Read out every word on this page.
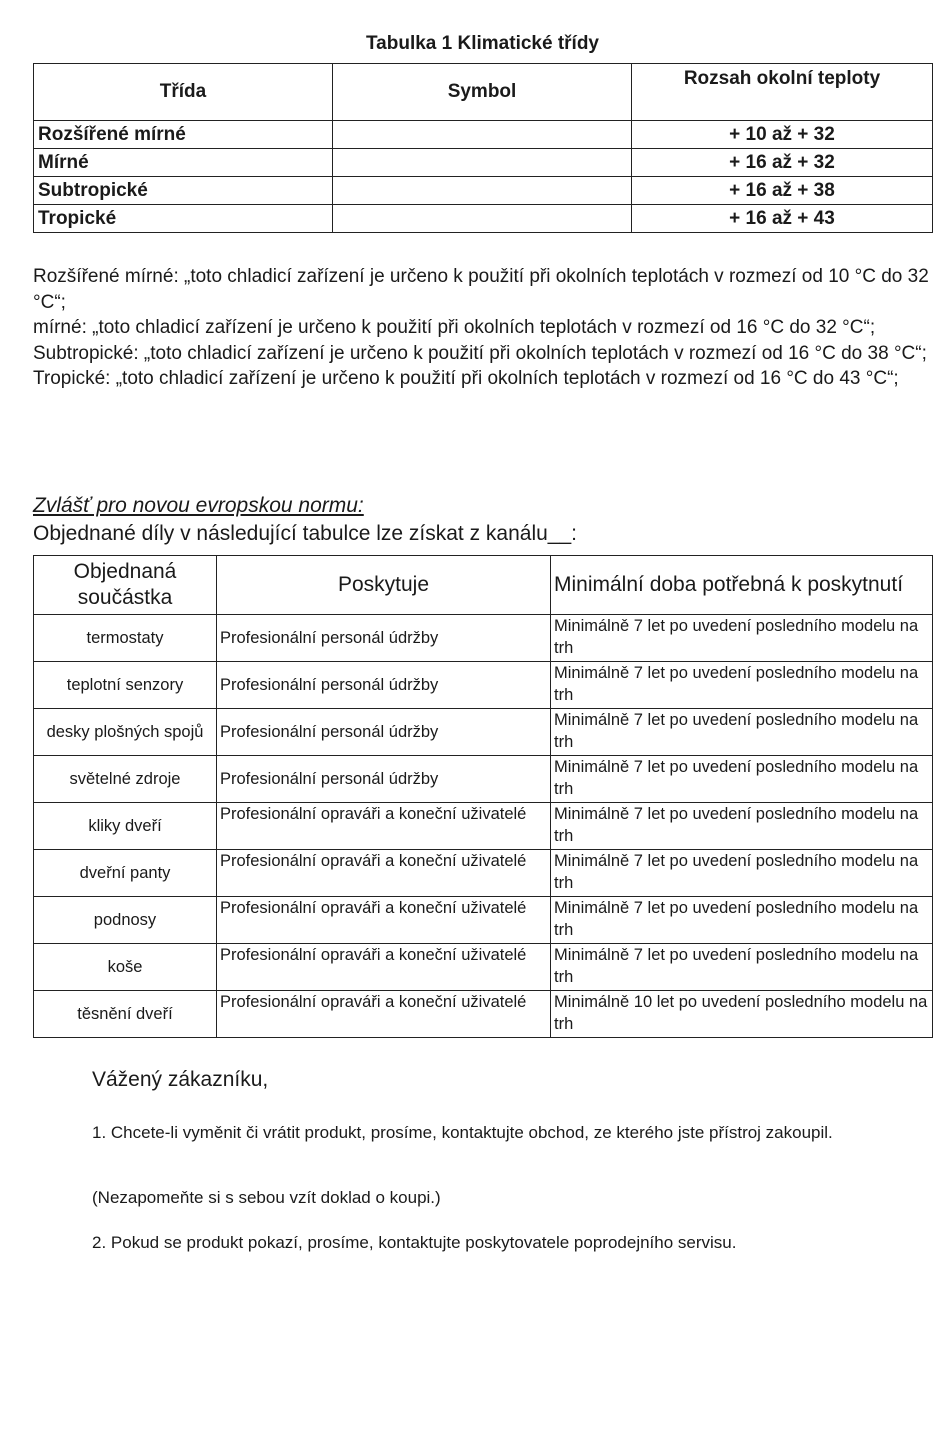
Tabulka 1 Klimatické třídy
Třída	Symbol	Rozsah okolní teploty
Rozšířené mírné		+ 10 až + 32
Mírné		+ 16 až + 32
Subtropické		+ 16 až + 38
Tropické		+ 16 až + 43

Rozšířené mírné: „toto chladicí zařízení je určeno k použití při okolních teplotách v rozmezí od 10 °C do 32 °C“;

mírné: „toto chladicí zařízení je určeno k použití při okolních teplotách v rozmezí od 16 °C do 32 °C“;

Subtropické: „toto chladicí zařízení je určeno k použití při okolních teplotách v rozmezí od 16 °C do 38 °C“;

Tropické: „toto chladicí zařízení je určeno k použití při okolních teplotách v rozmezí od 16 °C do 43 °C“;

Zvlášť pro novou evropskou normu:
Objednané díly v následující tabulce lze získat z kanálu__:
Objednaná součástka	Poskytuje	Minimální doba potřebná k poskytnutí
termostaty	Profesionální personál údržby	Minimálně 7 let po uvedení posledního modelu na trh
teplotní senzory	Profesionální personál údržby	Minimálně 7 let po uvedení posledního modelu na trh
desky plošných spojů	Profesionální personál údržby	Minimálně 7 let po uvedení posledního modelu na trh
světelné zdroje	Profesionální personál údržby	Minimálně 7 let po uvedení posledního modelu na trh
kliky dveří	Profesionální opraváři a koneční uživatelé	Minimálně 7 let po uvedení posledního modelu na trh
dveřní panty	Profesionální opraváři a koneční uživatelé	Minimálně 7 let po uvedení posledního modelu na trh
podnosy	Profesionální opraváři a koneční uživatelé	Minimálně 7 let po uvedení posledního modelu na trh
koše	Profesionální opraváři a koneční uživatelé	Minimálně 7 let po uvedení posledního modelu na trh
těsnění dveří	Profesionální opraváři a koneční uživatelé	Minimálně 10 let po uvedení posledního modelu na trh
Vážený zákazníku,
1. Chcete-li vyměnit či vrátit produkt, prosíme, kontaktujte obchod, ze kterého jste přístroj zakoupil.
(Nezapomeňte si s sebou vzít doklad o koupi.)
2. Pokud se produkt pokazí, prosíme, kontaktujte poskytovatele poprodejního servisu.
